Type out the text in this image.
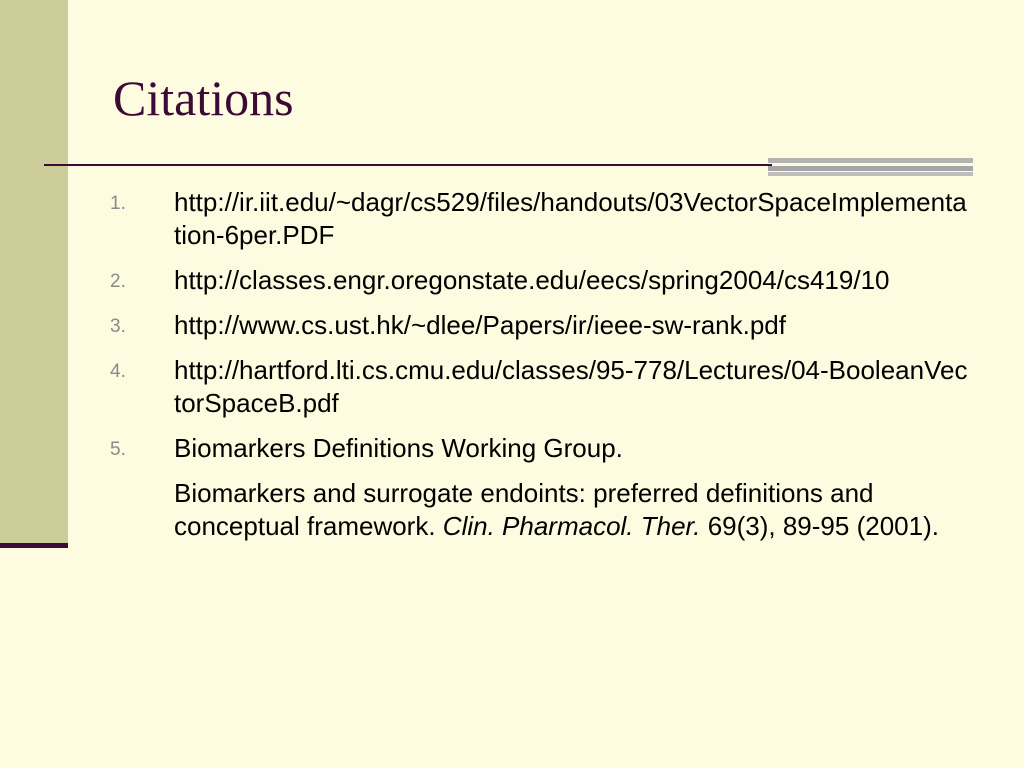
Citations
1. http://ir.iit.edu/~dagr/cs529/files/handouts/03VectorSpaceImplementation-6per.PDF
2. http://classes.engr.oregonstate.edu/eecs/spring2004/cs419/10
3. http://www.cs.ust.hk/~dlee/Papers/ir/ieee-sw-rank.pdf
4. http://hartford.lti.cs.cmu.edu/classes/95-778/Lectures/04-BooleanVectorSpaceB.pdf
5. Biomarkers Definitions Working Group.
Biomarkers and surrogate endoints: preferred definitions and conceptual framework. Clin. Pharmacol. Ther. 69(3), 89-95 (2001).
